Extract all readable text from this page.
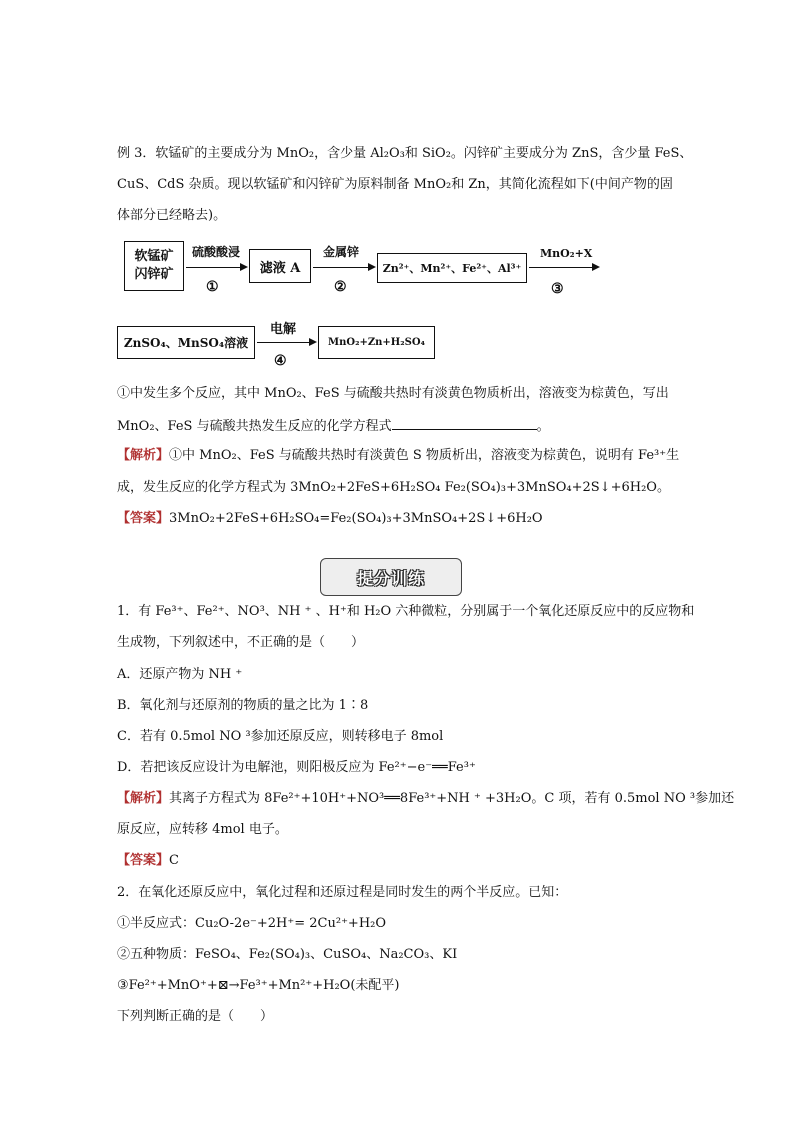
例 3．软锰矿的主要成分为 MnO₂，含少量 Al₂O₃和 SiO₂。闪锌矿主要成分为 ZnS，含少量 FeS、
CuS、CdS 杂质。现以软锰矿和闪锌矿为原料制备 MnO₂和 Zn，其简化流程如下(中间产物的固
体部分已经略去)。
软锰矿
闪锌矿
硫酸酸浸
①
滤液 A
金属锌
②
Zn²⁺、Mn²⁺、Fe²⁺、Al³⁺
MnO₂+X
③
ZnSO₄、MnSO₄溶液
电解
④
MnO₂+Zn+H₂SO₄
①中发生多个反应，其中 MnO₂、FeS 与硫酸共热时有淡黄色物质析出，溶液变为棕黄色，写出
MnO₂、FeS 与硫酸共热发生反应的化学方程式	。
【解析】①中 MnO₂、FeS 与硫酸共热时有淡黄色 S 物质析出，溶液变为棕黄色，说明有 Fe³⁺生
成，发生反应的化学方程式为 3MnO₂+2FeS+6H₂SO₄ Fe₂(SO₄)₃+3MnSO₄+2S↓+6H₂O。
【答案】3MnO₂+2FeS+6H₂SO₄=Fe₂(SO₄)₃+3MnSO₄+2S↓+6H₂O
提分训练
1．有 Fe³⁺、Fe²⁺、NO³、NH ⁺ 、H⁺和 H₂O 六种微粒，分别属于一个氧化还原反应中的反应物和
生成物，下列叙述中，不正确的是（　　）
A．还原产物为 NH ⁺
B．氧化剂与还原剂的物质的量之比为 1∶8
C．若有 0.5mol NO ³参加还原反应，则转移电子 8mol
D．若把该反应设计为电解池，则阳极反应为 Fe²⁺−e⁻══Fe³⁺
【解析】其离子方程式为 8Fe²⁺+10H⁺+NO³══8Fe³⁺+NH ⁺ +3H₂O。C 项，若有 0.5mol NO ³参加还
原反应，应转移 4mol 电子。
【答案】C
2．在氧化还原反应中，氧化过程和还原过程是同时发生的两个半反应。已知：
①半反应式：Cu₂O-2e⁻+2H⁺= 2Cu²⁺+H₂O
②五种物质：FeSO₄、Fe₂(SO₄)₃、CuSO₄、Na₂CO₃、KI
③Fe²⁺+MnO⁺+⊠→Fe³⁺+Mn²⁺+H₂O(未配平)
下列判断正确的是（　　）
